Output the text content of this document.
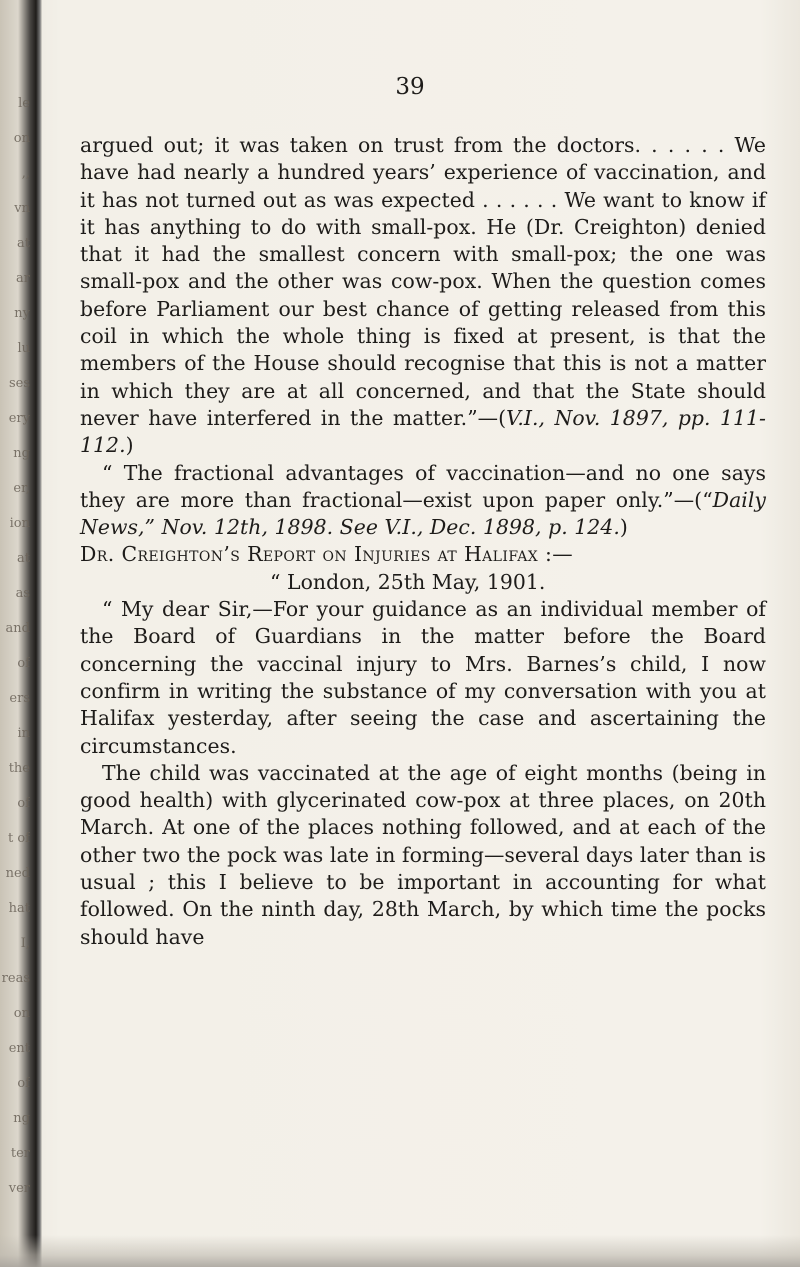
le
on
,,
vn
at
ar
ny
lu
ses
ery
ng
er,
ion
at
as
and
of
ers
in
the
of
t of
ned
hat
I,
reas
on
ent
of
ng
ter
ver
39

argued out; it was taken on trust from the doctors. . . . . . We have had nearly a hundred years’ experience of vaccination, and it has not turned out as was expected . . . . . . We want to know if it has anything to do with small-pox. He (Dr. Creighton) denied that it had the smallest concern with small-pox; the one was small-pox and the other was cow-pox. When the question comes before Parliament our best chance of getting released from this coil in which the whole thing is fixed at present, is that the members of the House should recognise that this is not a matter in which they are at all concerned, and that the State should never have interfered in the matter.”—(V.I., Nov. 1897, pp. 111-112.)

“ The fractional advantages of vaccination—and no one says they are more than fractional—exist upon paper only.”—(“Daily News,” Nov. 12th, 1898. See V.I., Dec. 1898, p. 124.)

Dr. Creighton’s Report on Injuries at Halifax :—

“ London, 25th May, 1901.

“ My dear Sir,—For your guidance as an individual member of the Board of Guardians in the matter before the Board concerning the vaccinal injury to Mrs. Barnes’s child, I now confirm in writing the substance of my conversation with you at Halifax yesterday, after seeing the case and ascertaining the circumstances.

The child was vaccinated at the age of eight months (being in good health) with glycerinated cow-pox at three places, on 20th March. At one of the places nothing followed, and at each of the other two the pock was late in forming—several days later than is usual ; this I believe to be important in accounting for what followed. On the ninth day, 28th March, by which time the pocks should have
